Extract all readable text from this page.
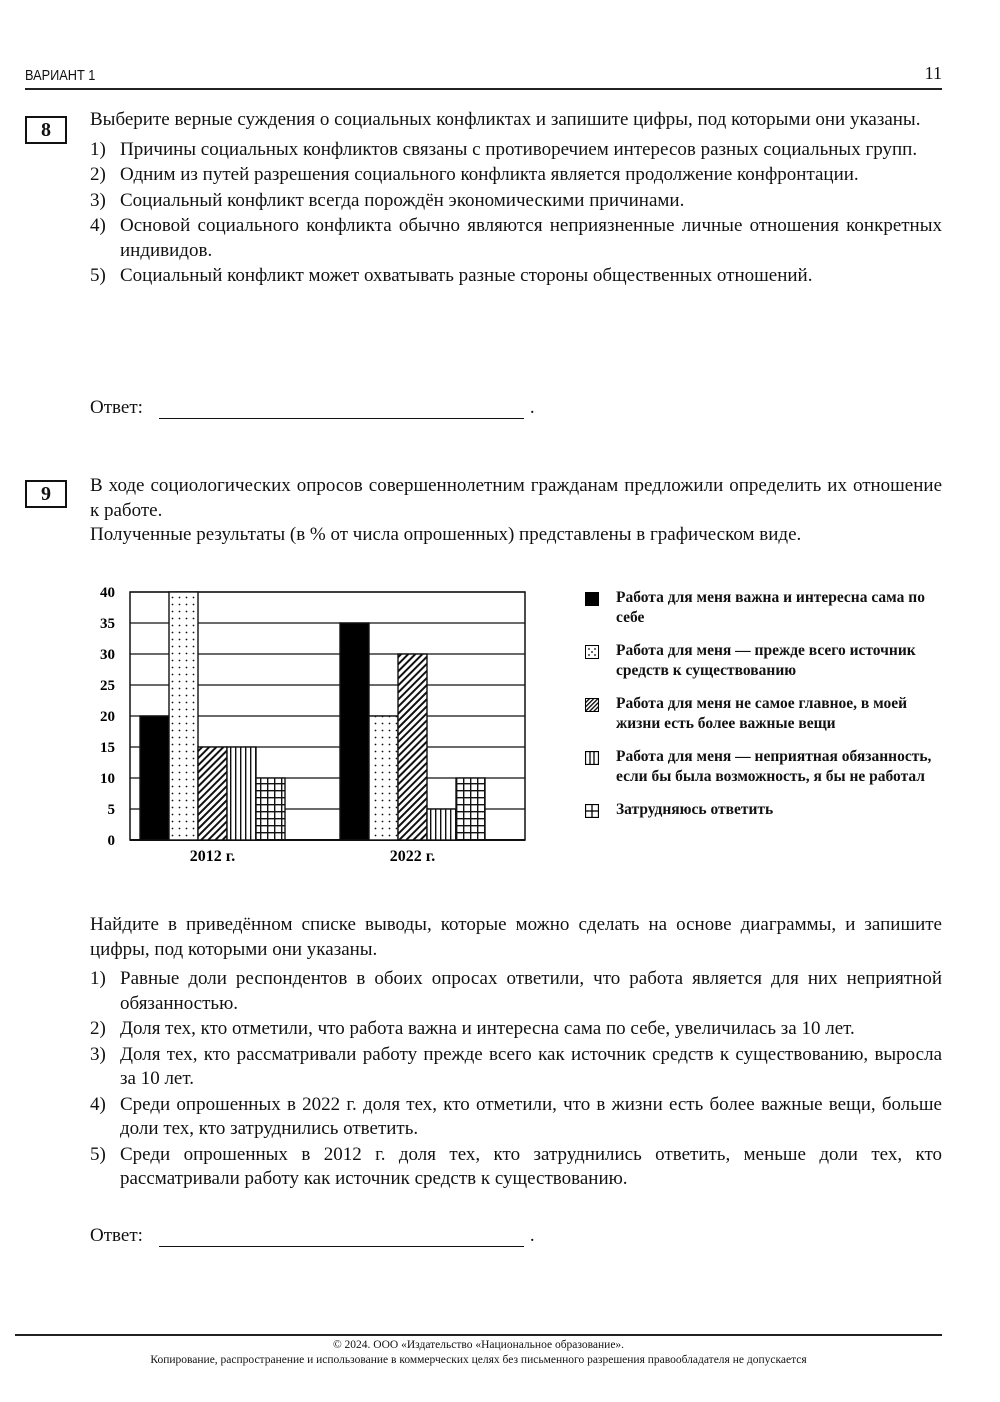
ВАРИАНТ 1	11
8	Выберите верные суждения о социальных конфликтах и запишите цифры, под которыми они указаны.

1) Причины социальных конфликтов связаны с противоречием интересов разных социальных групп.
2) Одним из путей разрешения социального конфликта является продолжение конфронтации.
3) Социальный конфликт всегда порождён экономическими причинами.
4) Основой социального конфликта обычно являются неприязненные личные отношения конкретных индивидов.
5) Социальный конфликт может охватывать разные стороны общественных отношений.
Ответ:	.
9	В ходе социологических опросов совершеннолетним гражданам предложили определить их отношение к работе.

Полученные результаты (в % от числа опрошенных) представлены в графическом виде.

0
5
10
15
20
25
30
35
40
2012 г.	2022 г.
Работа для меня важна и интересна сама по себе
Работа для меня — прежде всего источник средств к существованию
Работа для меня не самое главное, в моей жизни есть более важные вещи
Работа для меня — неприятная обязанность, если бы была возможность, я бы не работал
Затрудняюсь ответить

Найдите в приведённом списке выводы, которые можно сделать на основе диаграммы, и запишите цифры, под которыми они указаны.

1) Равные доли респондентов в обоих опросах ответили, что работа является для них неприятной обязанностью.
2) Доля тех, кто отметили, что работа важна и интересна сама по себе, увеличилась за 10 лет.
3) Доля тех, кто рассматривали работу прежде всего как источник средств к существованию, выросла за 10 лет.
4) Среди опрошенных в 2022 г. доля тех, кто отметили, что в жизни есть более важные вещи, больше доли тех, кто затруднились ответить.
5) Среди опрошенных в 2012 г. доля тех, кто затруднились ответить, меньше доли тех, кто рассматривали работу как источник средств к существованию.
Ответ:	.
© 2024. ООО «Издательство «Национальное образование».
Копирование, распространение и использование в коммерческих целях без письменного разрешения правообладателя не допускается
